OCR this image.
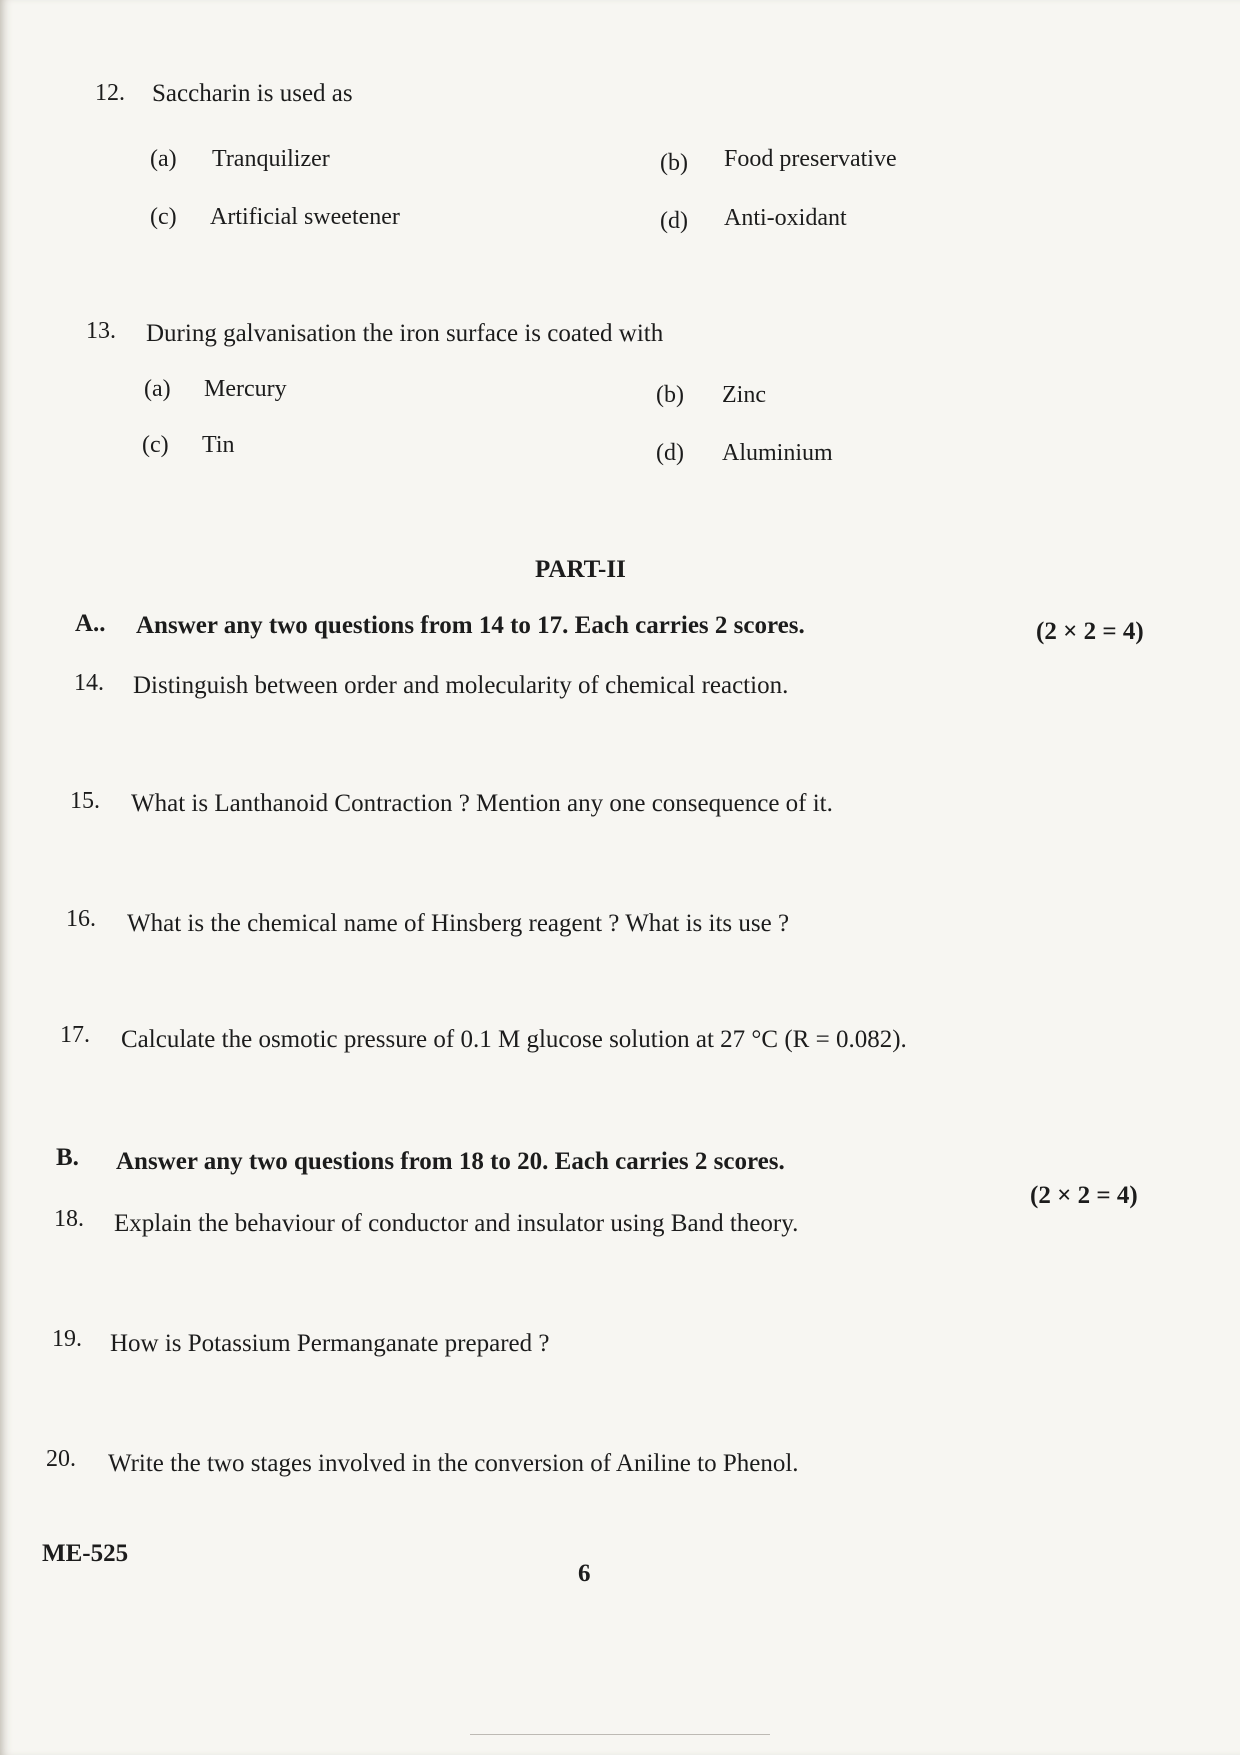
12. Saccharin is used as
(a) Tranquilizer	(b) Food preservative
(c) Artificial sweetener	(d) Anti-oxidant
13. During galvanisation the iron surface is coated with
(a) Mercury	(b) Zinc
(c) Tin	(d) Aluminium
PART-II
A.. Answer any two questions from 14 to 17. Each carries 2 scores.	(2 × 2 = 4)
14. Distinguish between order and molecularity of chemical reaction.
15. What is Lanthanoid Contraction ? Mention any one consequence of it.
16. What is the chemical name of Hinsberg reagent ? What is its use ?
17. Calculate the osmotic pressure of 0.1 M glucose solution at 27 °C (R = 0.082).
B. Answer any two questions from 18 to 20. Each carries 2 scores.
(2 × 2 = 4)
18. Explain the behaviour of conductor and insulator using Band theory.
19. How is Potassium Permanganate prepared ?
20. Write the two stages involved in the conversion of Aniline to Phenol.
ME-525
6
